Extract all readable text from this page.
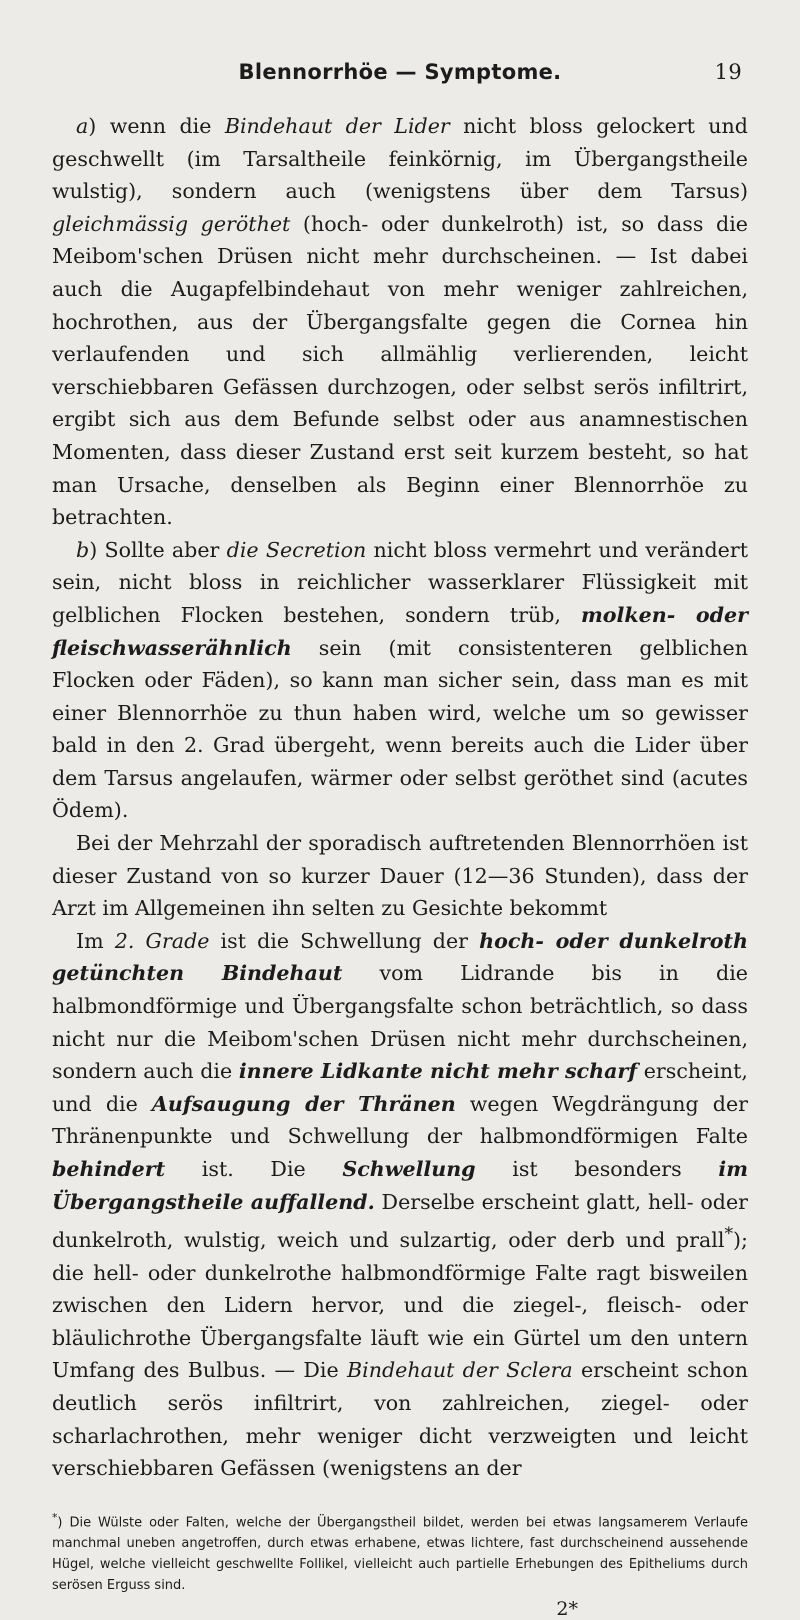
Blennorrhöe — Symptome.	19

a) wenn die Bindehaut der Lider nicht bloss gelockert und geschwellt (im Tarsaltheile feinkörnig, im Übergangstheile wulstig), sondern auch (wenigstens über dem Tarsus) gleichmässig geröthet (hoch- oder dunkelroth) ist, so dass die Meibom'schen Drüsen nicht mehr durchscheinen. — Ist dabei auch die Augapfelbindehaut von mehr weniger zahlreichen, hochrothen, aus der Übergangsfalte gegen die Cornea hin verlaufenden und sich allmählig verlierenden, leicht verschiebbaren Gefässen durchzogen, oder selbst serös infiltrirt, ergibt sich aus dem Befunde selbst oder aus anamnestischen Momenten, dass dieser Zustand erst seit kurzem besteht, so hat man Ursache, denselben als Beginn einer Blennorrhöe zu betrachten.

b) Sollte aber die Secretion nicht bloss vermehrt und verändert sein, nicht bloss in reichlicher wasserklarer Flüssigkeit mit gelblichen Flocken bestehen, sondern trüb, molken- oder fleischwasserähnlich sein (mit consistenteren gelblichen Flocken oder Fäden), so kann man sicher sein, dass man es mit einer Blennorrhöe zu thun haben wird, welche um so gewisser bald in den 2. Grad übergeht, wenn bereits auch die Lider über dem Tarsus angelaufen, wärmer oder selbst geröthet sind (acutes Ödem).

Bei der Mehrzahl der sporadisch auftretenden Blennorrhöen ist dieser Zustand von so kurzer Dauer (12—36 Stunden), dass der Arzt im Allgemeinen ihn selten zu Gesichte bekommt

Im 2. Grade ist die Schwellung der hoch- oder dunkelroth getünchten Bindehaut vom Lidrande bis in die halbmondförmige und Übergangsfalte schon beträchtlich, so dass nicht nur die Meibom'schen Drüsen nicht mehr durchscheinen, sondern auch die innere Lidkante nicht mehr scharf erscheint, und die Aufsaugung der Thränen wegen Wegdrängung der Thränenpunkte und Schwellung der halbmondförmigen Falte behindert ist. Die Schwellung ist besonders im Übergangstheile auffallend. Derselbe erscheint glatt, hell- oder dunkelroth, wulstig, weich und sulzartig, oder derb und prall*); die hell- oder dunkelrothe halbmondförmige Falte ragt bisweilen zwischen den Lidern hervor, und die ziegel-, fleisch- oder bläulichrothe Übergangsfalte läuft wie ein Gürtel um den untern Umfang des Bulbus. — Die Bindehaut der Sclera erscheint schon deutlich serös infiltrirt, von zahlreichen, ziegel- oder scharlachrothen, mehr weniger dicht verzweigten und leicht verschiebbaren Gefässen (wenigstens an der

*) Die Wülste oder Falten, welche der Übergangstheil bildet, werden bei etwas langsamerem Verlaufe manchmal uneben angetroffen, durch etwas erhabene, etwas lichtere, fast durchscheinend aussehende Hügel, welche vielleicht geschwellte Follikel, vielleicht auch partielle Erhebungen des Epitheliums durch serösen Erguss sind.
2*
